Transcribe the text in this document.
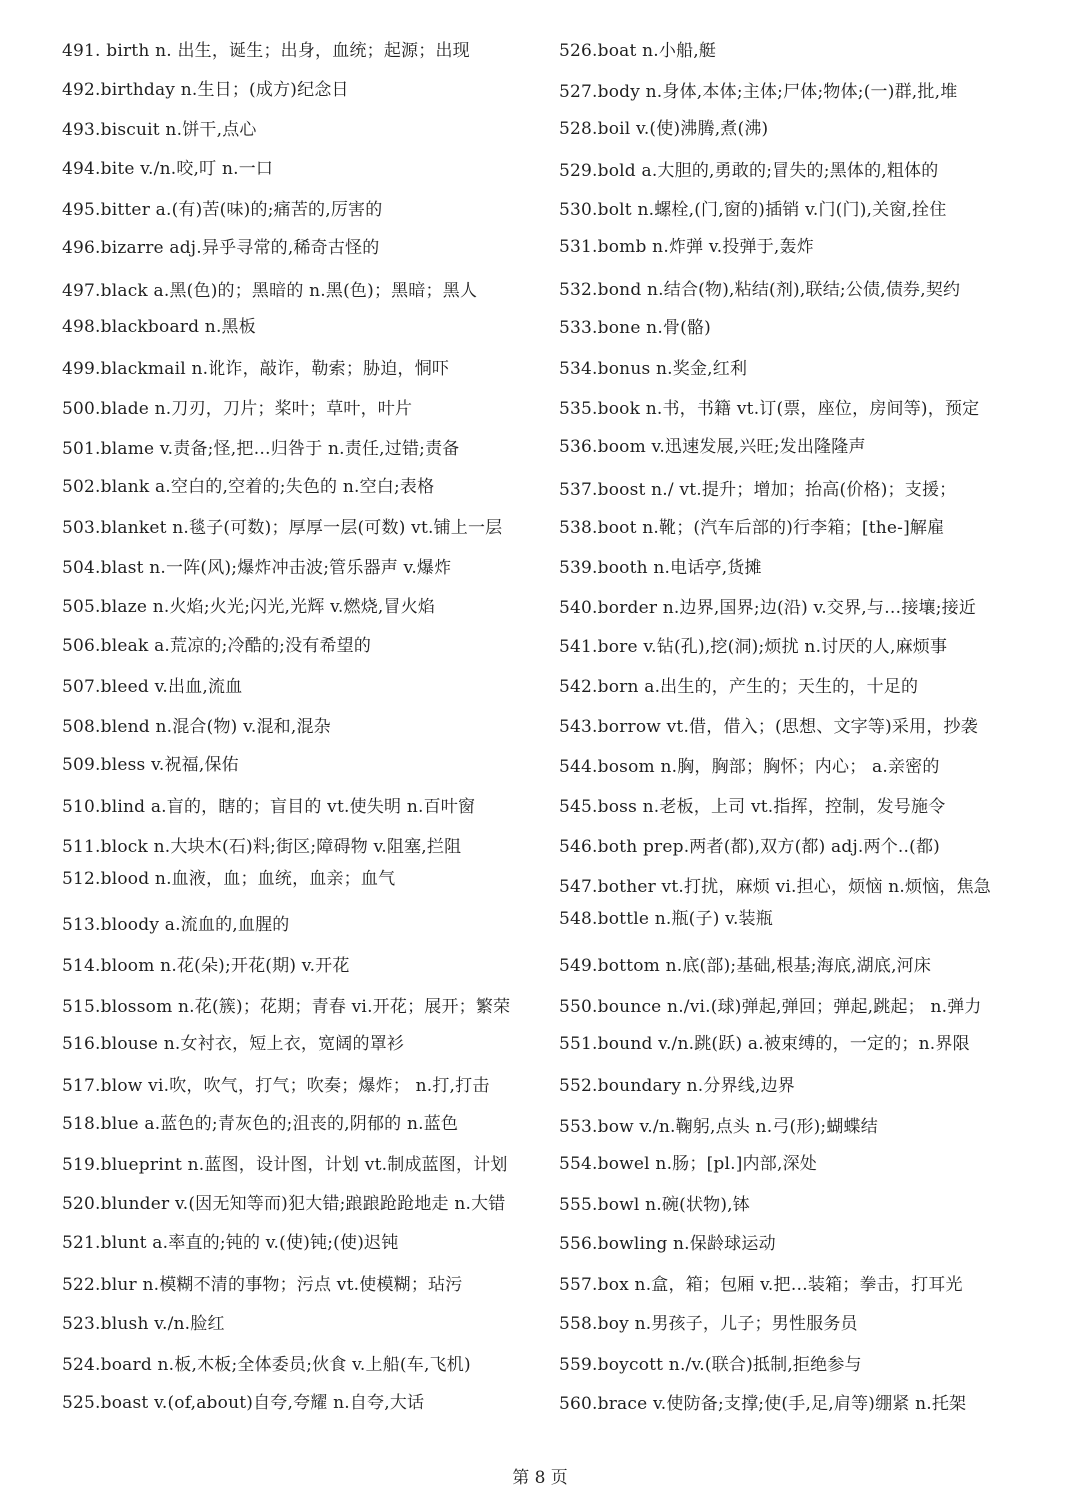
491. birth n. 出生，诞生；出身，血统；起源；出现
492.birthday n.生日；(成方)纪念日
493.biscuit n.饼干,点心
494.bite v./n.咬,叮 n.一口
495.bitter a.(有)苦(味)的;痛苦的,厉害的
496.bizarre adj.异乎寻常的,稀奇古怪的
497.black a.黑(色)的；黑暗的 n.黑(色)；黑暗；黑人
498.blackboard n.黑板
499.blackmail n.讹诈，敲诈，勒索；胁迫，恫吓
500.blade n.刀刃，刀片；桨叶；草叶，叶片
501.blame v.责备;怪,把…归咎于 n.责任,过错;责备
502.blank a.空白的,空着的;失色的 n.空白;表格
503.blanket n.毯子(可数)；厚厚一层(可数) vt.铺上一层
504.blast n.一阵(风);爆炸冲击波;管乐器声 v.爆炸
505.blaze n.火焰;火光;闪光,光辉 v.燃烧,冒火焰
506.bleak a.荒凉的;冷酷的;没有希望的
507.bleed v.出血,流血
508.blend n.混合(物) v.混和,混杂
509.bless v.祝福,保佑
510.blind a.盲的，瞎的；盲目的 vt.使失明 n.百叶窗
511.block n.大块木(石)料;街区;障碍物 v.阻塞,拦阻
512.blood n.血液，血；血统，血亲；血气
513.bloody a.流血的,血腥的
514.bloom n.花(朵);开花(期) v.开花
515.blossom n.花(簇)；花期；青春 vi.开花；展开；繁荣
516.blouse n.女衬衣，短上衣，宽阔的罩衫
517.blow vi.吹，吹气，打气；吹奏；爆炸； n.打,打击
518.blue a.蓝色的;青灰色的;沮丧的,阴郁的 n.蓝色
519.blueprint n.蓝图，设计图，计划 vt.制成蓝图，计划
520.blunder v.(因无知等而)犯大错;踉踉跄跄地走 n.大错
521.blunt a.率直的;钝的 v.(使)钝;(使)迟钝
522.blur n.模糊不清的事物；污点 vt.使模糊；玷污
523.blush v./n.脸红
524.board n.板,木板;全体委员;伙食 v.上船(车,飞机)
525.boast v.(of,about)自夸,夸耀 n.自夸,大话
526.boat n.小船,艇
527.body n.身体,本体;主体;尸体;物体;(一)群,批,堆
528.boil v.(使)沸腾,煮(沸)
529.bold a.大胆的,勇敢的;冒失的;黑体的,粗体的
530.bolt n.螺栓,(门,窗的)插销 v.门(门),关窗,拴住
531.bomb n.炸弹 v.投弹于,轰炸
532.bond n.结合(物),粘结(剂),联结;公债,债券,契约
533.bone n.骨(骼)
534.bonus n.奖金,红利
535.book n.书，书籍 vt.订(票，座位，房间等)，预定
536.boom v.迅速发展,兴旺;发出隆隆声
537.boost n./ vt.提升；增加；抬高(价格)；支援；
538.boot n.靴；(汽车后部的)行李箱；[the-]解雇
539.booth n.电话亭,货摊
540.border n.边界,国界;边(沿) v.交界,与…接壤;接近
541.bore v.钻(孔),挖(洞);烦扰 n.讨厌的人,麻烦事
542.born a.出生的，产生的；天生的，十足的
543.borrow vt.借，借入；(思想、文字等)采用，抄袭
544.bosom n.胸，胸部；胸怀；内心； a.亲密的
545.boss n.老板，上司 vt.指挥，控制，发号施令
546.both prep.两者(都),双方(都) adj.两个..(都)
547.bother vt.打扰，麻烦 vi.担心，烦恼 n.烦恼，焦急
548.bottle n.瓶(子) v.装瓶
549.bottom n.底(部);基础,根基;海底,湖底,河床
550.bounce n./vi.(球)弹起,弹回；弹起,跳起； n.弹力
551.bound v./n.跳(跃) a.被束缚的，一定的；n.界限
552.boundary n.分界线,边界
553.bow v./n.鞠躬,点头 n.弓(形);蝴蝶结
554.bowel n.肠；[pl.]内部,深处
555.bowl n.碗(状物),钵
556.bowling n.保龄球运动
557.box n.盒，箱；包厢 v.把…装箱；拳击，打耳光
558.boy n.男孩子，儿子；男性服务员
559.boycott n./v.(联合)抵制,拒绝参与
560.brace v.使防备;支撑;使(手,足,肩等)绷紧 n.托架
第 8 页
